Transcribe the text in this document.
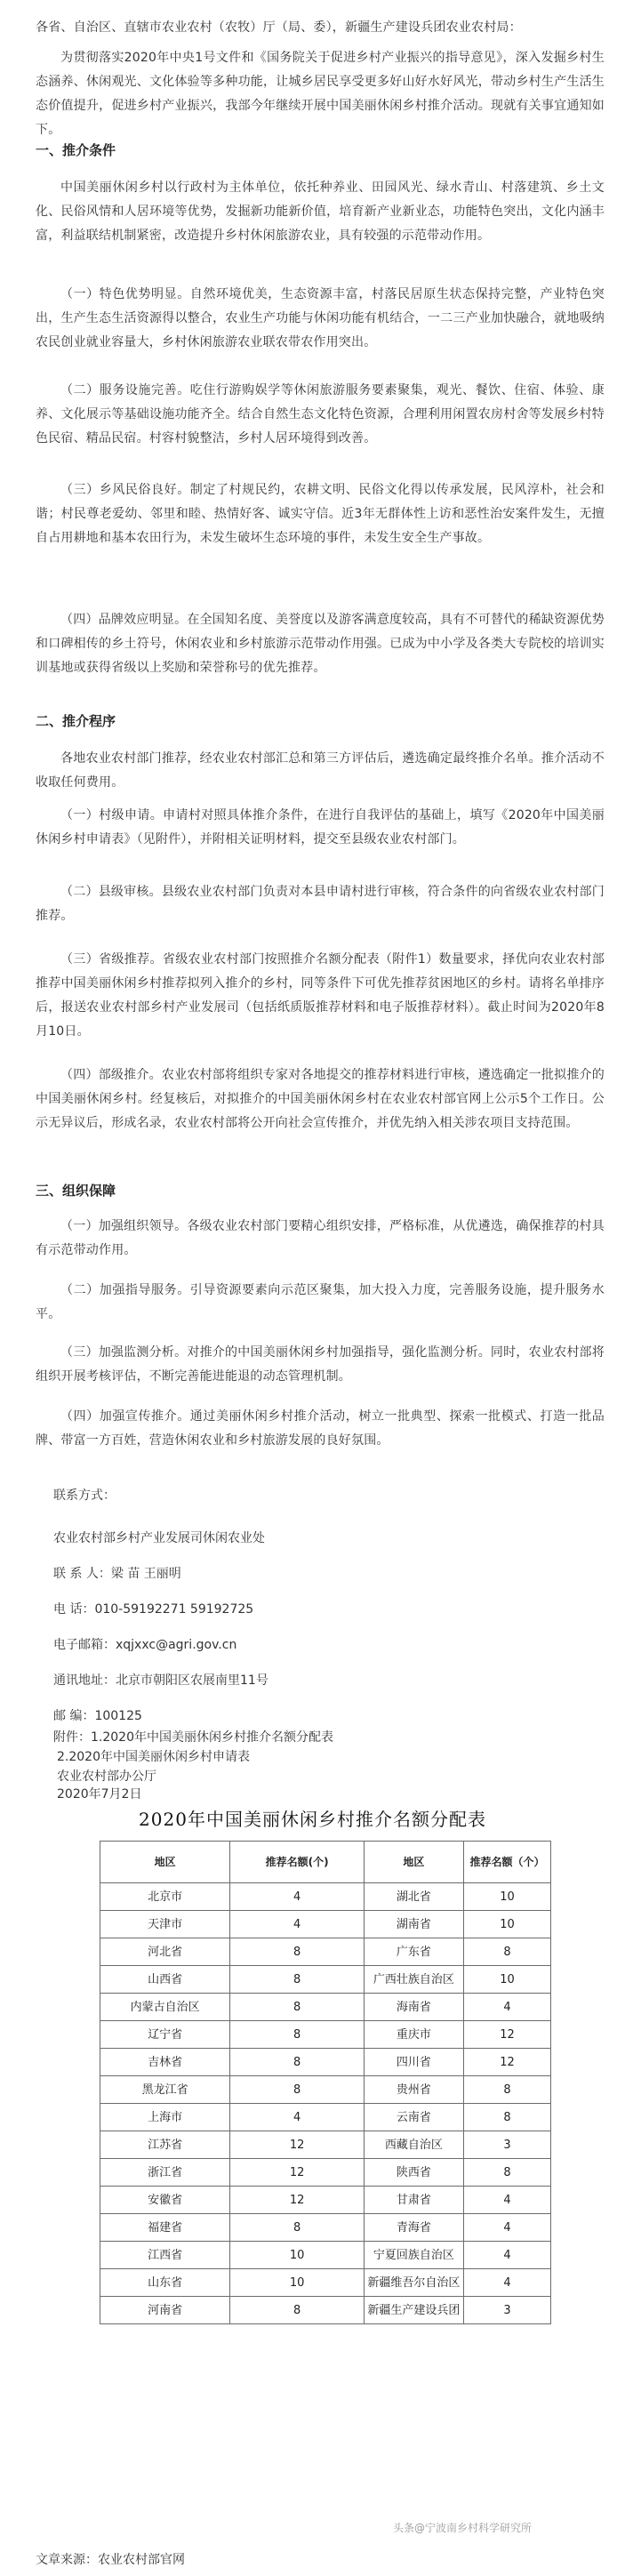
各省、自治区、直辖市农业农村（农牧）厅（局、委），新疆生产建设兵团农业农村局：

为贯彻落实2020年中央1号文件和《国务院关于促进乡村产业振兴的指导意见》，深入发掘乡村生态涵养、休闲观光、文化体验等多种功能，让城乡居民享受更多好山好水好风光，带动乡村生产生活生态价值提升，促进乡村产业振兴，我部今年继续开展中国美丽休闲乡村推介活动。现就有关事宜通知如下。

一、推介条件

中国美丽休闲乡村以行政村为主体单位，依托种养业、田园风光、绿水青山、村落建筑、乡土文化、民俗风情和人居环境等优势，发掘新功能新价值，培育新产业新业态，功能特色突出，文化内涵丰富，利益联结机制紧密，改造提升乡村休闲旅游农业，具有较强的示范带动作用。

（一）特色优势明显。自然环境优美，生态资源丰富，村落民居原生状态保持完整，产业特色突出，生产生态生活资源得以整合，农业生产功能与休闲功能有机结合，一二三产业加快融合，就地吸纳农民创业就业容量大，乡村休闲旅游农业联农带农作用突出。

（二）服务设施完善。吃住行游购娱学等休闲旅游服务要素聚集，观光、餐饮、住宿、体验、康养、文化展示等基础设施功能齐全。结合自然生态文化特色资源，合理利用闲置农房村舍等发展乡村特色民宿、精品民宿。村容村貌整洁，乡村人居环境得到改善。

（三）乡风民俗良好。制定了村规民约，农耕文明、民俗文化得以传承发展，民风淳朴，社会和谐；村民尊老爱幼、邻里和睦、热情好客、诚实守信。近3年无群体性上访和恶性治安案件发生，无擅自占用耕地和基本农田行为，未发生破坏生态环境的事件，未发生安全生产事故。

（四）品牌效应明显。在全国知名度、美誉度以及游客满意度较高，具有不可替代的稀缺资源优势和口碑相传的乡土符号，休闲农业和乡村旅游示范带动作用强。已成为中小学及各类大专院校的培训实训基地或获得省级以上奖励和荣誉称号的优先推荐。

二、推介程序

各地农业农村部门推荐，经农业农村部汇总和第三方评估后，遴选确定最终推介名单。推介活动不收取任何费用。

（一）村级申请。申请村对照具体推介条件，在进行自我评估的基础上，填写《2020年中国美丽休闲乡村申请表》（见附件），并附相关证明材料，提交至县级农业农村部门。

（二）县级审核。县级农业农村部门负责对本县申请村进行审核，符合条件的向省级农业农村部门推荐。

（三）省级推荐。省级农业农村部门按照推介名额分配表（附件1）数量要求，择优向农业农村部推荐中国美丽休闲乡村推荐拟列入推介的乡村，同等条件下可优先推荐贫困地区的乡村。请将名单排序后，报送农业农村部乡村产业发展司（包括纸质版推荐材料和电子版推荐材料）。截止时间为2020年8月10日。

（四）部级推介。农业农村部将组织专家对各地提交的推荐材料进行审核，遴选确定一批拟推介的中国美丽休闲乡村。经复核后，对拟推介的中国美丽休闲乡村在农业农村部官网上公示5个工作日。公示无异议后，形成名录，农业农村部将公开向社会宣传推介，并优先纳入相关涉农项目支持范围。

三、组织保障

（一）加强组织领导。各级农业农村部门要精心组织安排，严格标准，从优遴选，确保推荐的村具有示范带动作用。

（二）加强指导服务。引导资源要素向示范区聚集，加大投入力度，完善服务设施，提升服务水平。

（三）加强监测分析。对推介的中国美丽休闲乡村加强指导，强化监测分析。同时，农业农村部将组织开展考核评估，不断完善能进能退的动态管理机制。

（四）加强宣传推介。通过美丽休闲乡村推介活动，树立一批典型、探索一批模式、打造一批品牌、带富一方百姓，营造休闲农业和乡村旅游发展的良好氛围。

联系方式：
农业农村部乡村产业发展司休闲农业处
联 系 人：梁 苗 王丽明
电 话：010-59192271 59192725
电子邮箱：xqjxxc@agri.gov.cn
通讯地址：北京市朝阳区农展南里11号
邮 编：100125
附件：1.2020年中国美丽休闲乡村推介名额分配表
2.2020年中国美丽休闲乡村申请表
2020年中国美丽休闲乡村推介名额分配表
地区	推荐名额(个)	地区	推荐名额（个）
北京市	4	湖北省	10
天津市	4	湖南省	10
河北省	8	广东省	8
山西省	8	广西壮族自治区	10
内蒙古自治区	8	海南省	4
辽宁省	8	重庆市	12
吉林省	8	四川省	12
黑龙江省	8	贵州省	8
上海市	4	云南省	8
江苏省	12	西藏自治区	3
浙江省	12	陕西省	8
安徽省	12	甘肃省	4
福建省	8	青海省	4
江西省	10	宁夏回族自治区	4
山东省	10	新疆维吾尔自治区	4
河南省	8	新疆生产建设兵团	3
头条@宁波南乡村科学研究所
文章来源：农业农村部官网
农业农村部办公厅
2020年7月2日
